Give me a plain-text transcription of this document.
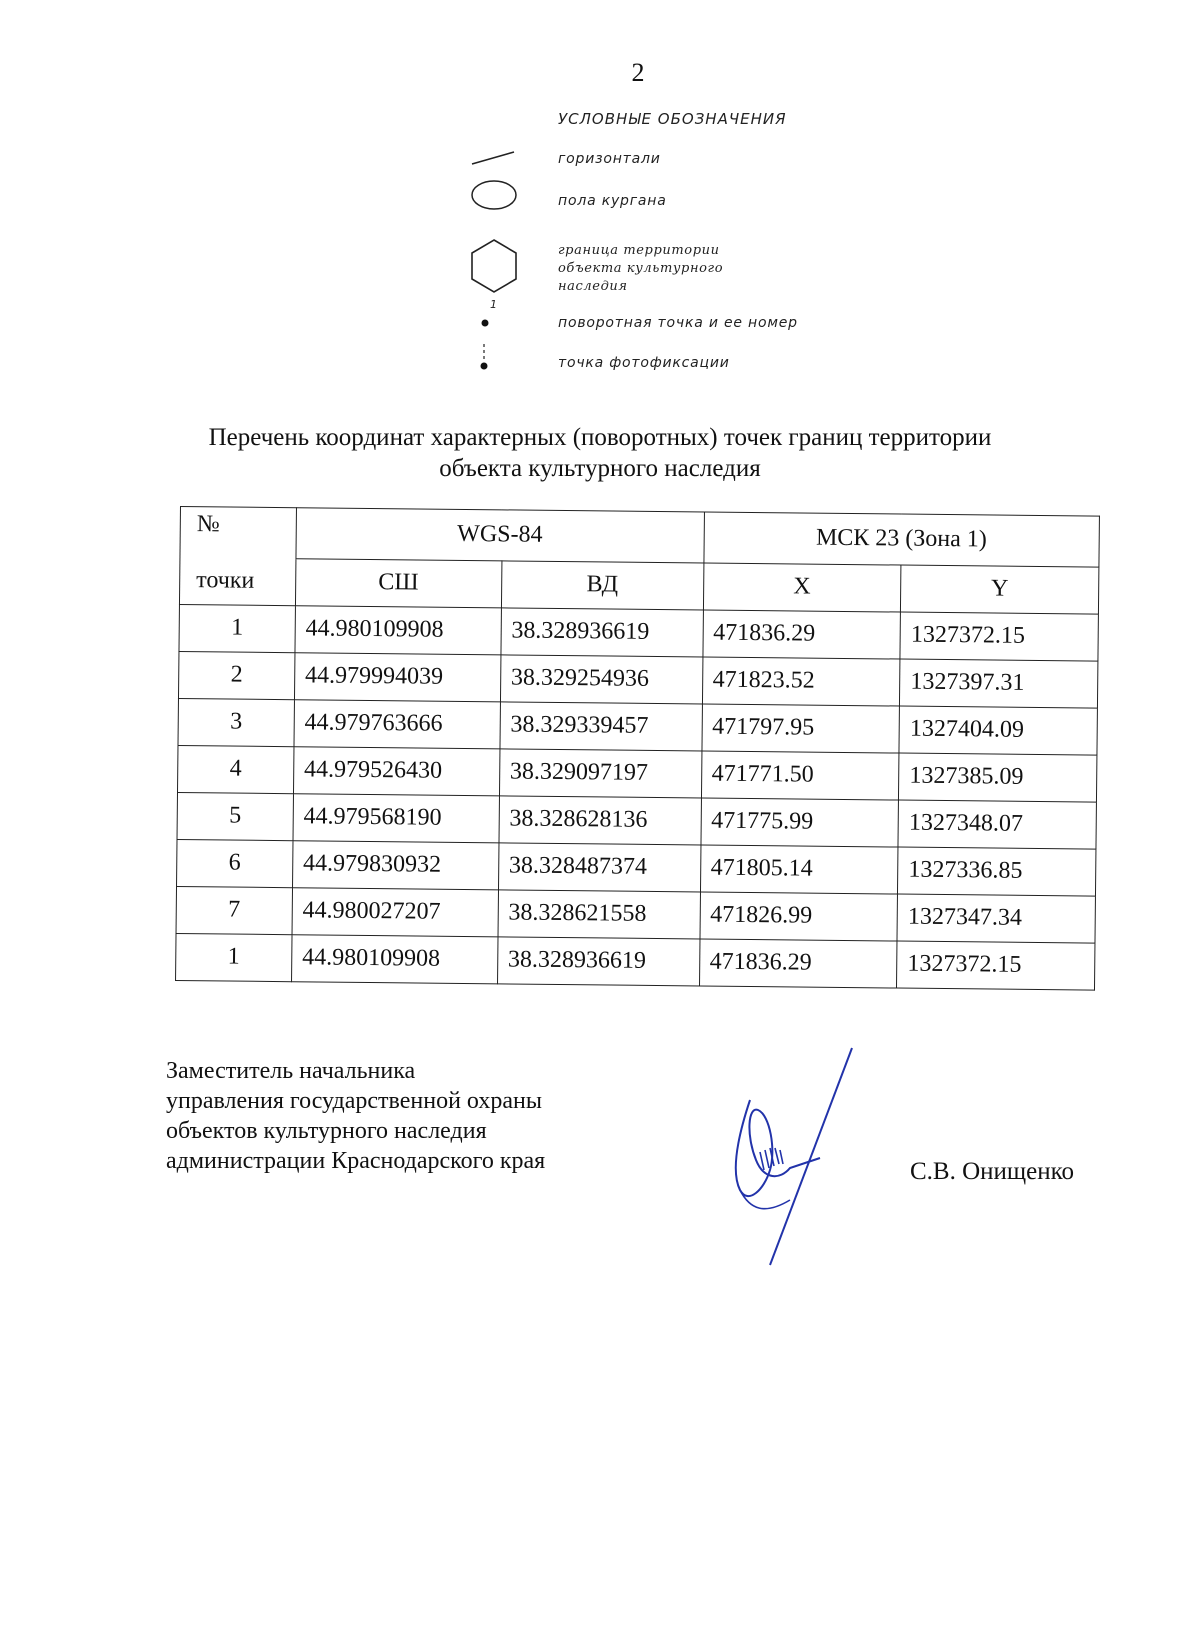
2
УСЛОВНЫЕ ОБОЗНАЧЕНИЯ
горизонтали
пола кургана
граница территории
объекта культурного
наследия
1
поворотная точка и ее номер
точка фотофиксации
Перечень координат характерных (поворотных) точек границ территории
объекта культурного наследия
№	WGS-84		МСК 23 (Зона 1)	
точки	СШ	ВД	X	Y
1	44.980109908	38.328936619	471836.29	1327372.15
2	44.979994039	38.329254936	471823.52	1327397.31
3	44.979763666	38.329339457	471797.95	1327404.09
4	44.979526430	38.329097197	471771.50	1327385.09
5	44.979568190	38.328628136	471775.99	1327348.07
6	44.979830932	38.328487374	471805.14	1327336.85
7	44.980027207	38.328621558	471826.99	1327347.34
1	44.980109908	38.328936619	471836.29	1327372.15
Заместитель начальника
управления государственной охраны
объектов культурного наследия
администрации Краснодарского края	С.В. Онищенко
